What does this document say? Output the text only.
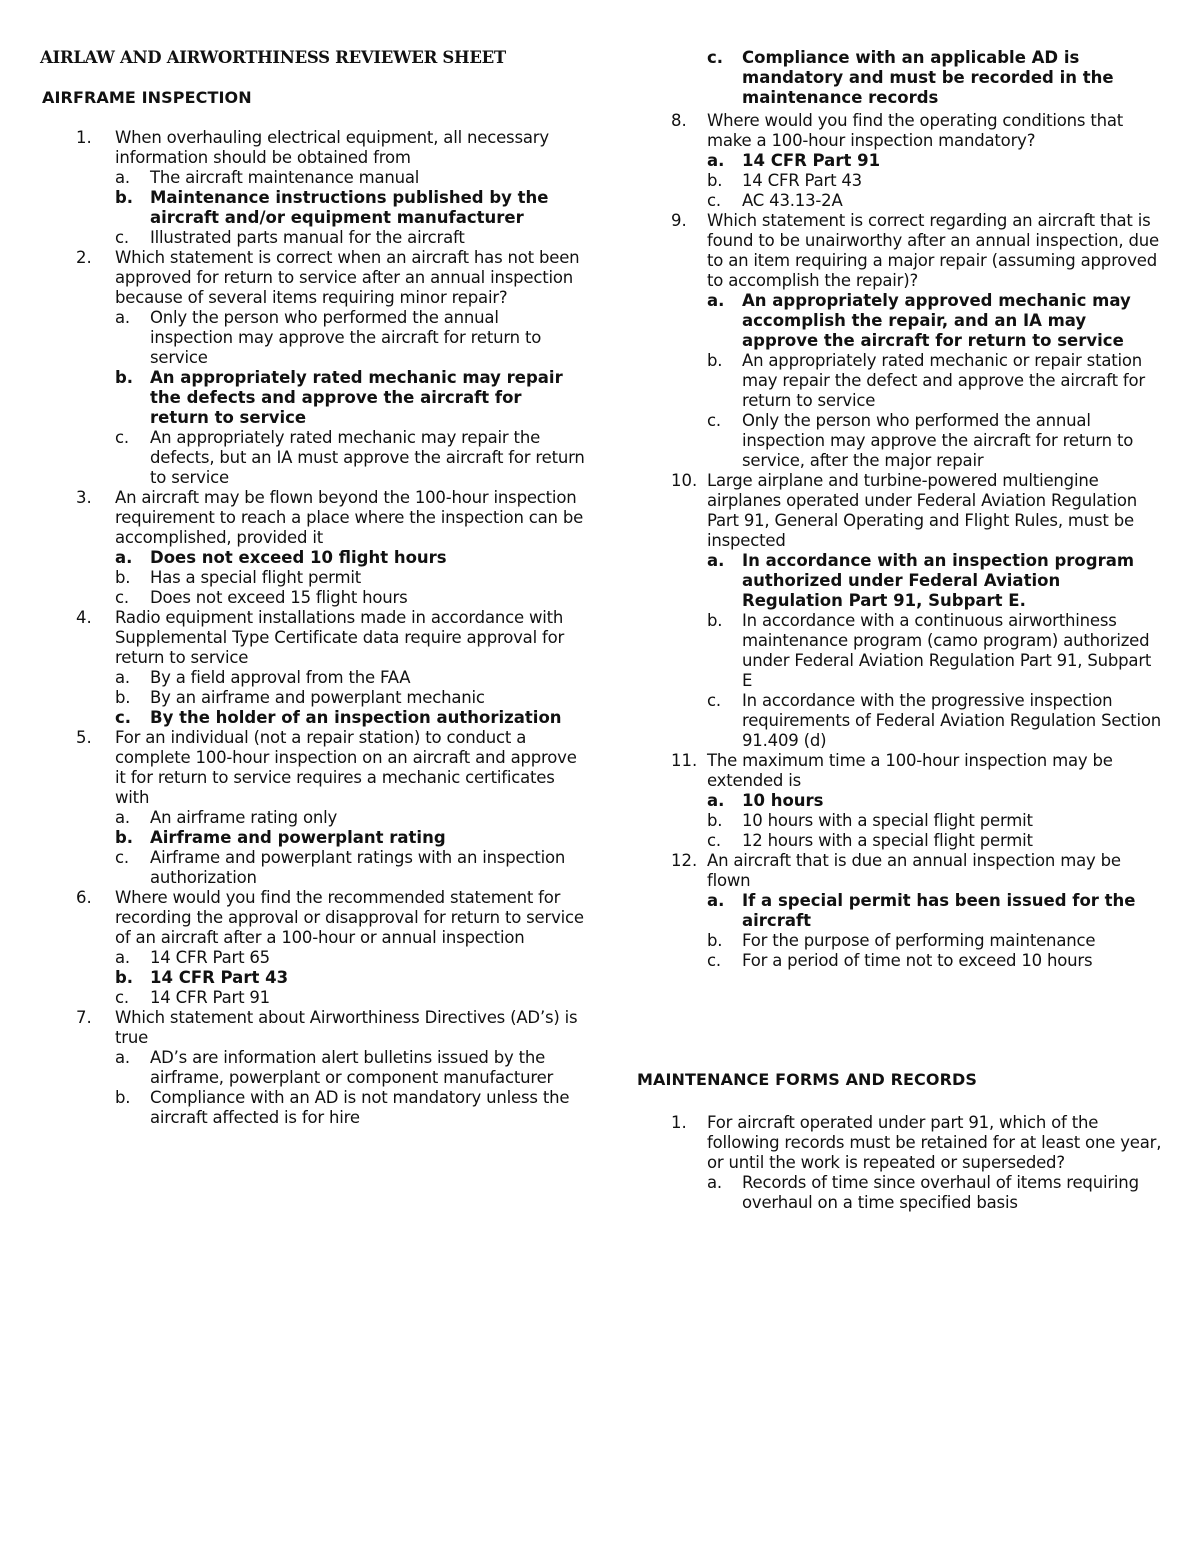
AIRLAW AND AIRWORTHINESS REVIEWER SHEET
AIRFRAME INSPECTION
1.	When overhauling electrical equipment, all necessary information should be obtained from
a. The aircraft maintenance manual
b. Maintenance instructions published by the aircraft and/or equipment manufacturer
c. Illustrated parts manual for the aircraft
2.	Which statement is correct when an aircraft has not been approved for return to service after an annual inspection because of several items requiring minor repair?
a. Only the person who performed the annual inspection may approve the aircraft for return to service
b. An appropriately rated mechanic may repair the defects and approve the aircraft for return to service
c. An appropriately rated mechanic may repair the defects, but an IA must approve the aircraft for return to service
3.	An aircraft may be flown beyond the 100-hour inspection requirement to reach a place where the inspection can be accomplished, provided it
a. Does not exceed 10 flight hours
b. Has a special flight permit
c. Does not exceed 15 flight hours
4.	Radio equipment installations made in accordance with Supplemental Type Certificate data require approval for return to service
a. By a field approval from the FAA
b. By an airframe and powerplant mechanic
c. By the holder of an inspection authorization
5.	For an individual (not a repair station) to conduct a complete 100-hour inspection on an aircraft and approve it for return to service requires a mechanic certificates with
a. An airframe rating only
b. Airframe and powerplant rating
c. Airframe and powerplant ratings with an inspection authorization
6.	Where would you find the recommended statement for recording the approval or disapproval for return to service of an aircraft after a 100-hour or annual inspection
a. 14 CFR Part 65
b. 14 CFR Part 43
c. 14 CFR Part 91
7.	Which statement about Airworthiness Directives (AD’s) is true
a. AD’s are information alert bulletins issued by the airframe, powerplant or component manufacturer
b. Compliance with an AD is not mandatory unless the aircraft affected is for hire
c. Compliance with an applicable AD is mandatory and must be recorded in the maintenance records
8.	Where would you find the operating conditions that make a 100-hour inspection mandatory?
a. 14 CFR Part 91
b. 14 CFR Part 43
c. AC 43.13-2A
9.	Which statement is correct regarding an aircraft that is found to be unairworthy after an annual inspection, due to an item requiring a major repair (assuming approved to accomplish the repair)?
a. An appropriately approved mechanic may accomplish the repair, and an IA may approve the aircraft for return to service
b. An appropriately rated mechanic or repair station may repair the defect and approve the aircraft for return to service
c. Only the person who performed the annual inspection may approve the aircraft for return to service, after the major repair
10. Large airplane and turbine-powered multiengine airplanes operated under Federal Aviation Regulation Part 91, General Operating and Flight Rules, must be inspected
a. In accordance with an inspection program authorized under Federal Aviation Regulation Part 91, Subpart E.
b. In accordance with a continuous airworthiness maintenance program (camo program) authorized under Federal Aviation Regulation Part 91, Subpart E
c. In accordance with the progressive inspection requirements of Federal Aviation Regulation Section 91.409 (d)
11. The maximum time a 100-hour inspection may be extended is
a. 10 hours
b. 10 hours with a special flight permit
c. 12 hours with a special flight permit
12. An aircraft that is due an annual inspection may be flown
a. If a special permit has been issued for the aircraft
b. For the purpose of performing maintenance
c. For a period of time not to exceed 10 hours
MAINTENANCE FORMS AND RECORDS
1.	For aircraft operated under part 91, which of the following records must be retained for at least one year, or until the work is repeated or superseded?
a. Records of time since overhaul of items requiring overhaul on a time specified basis
